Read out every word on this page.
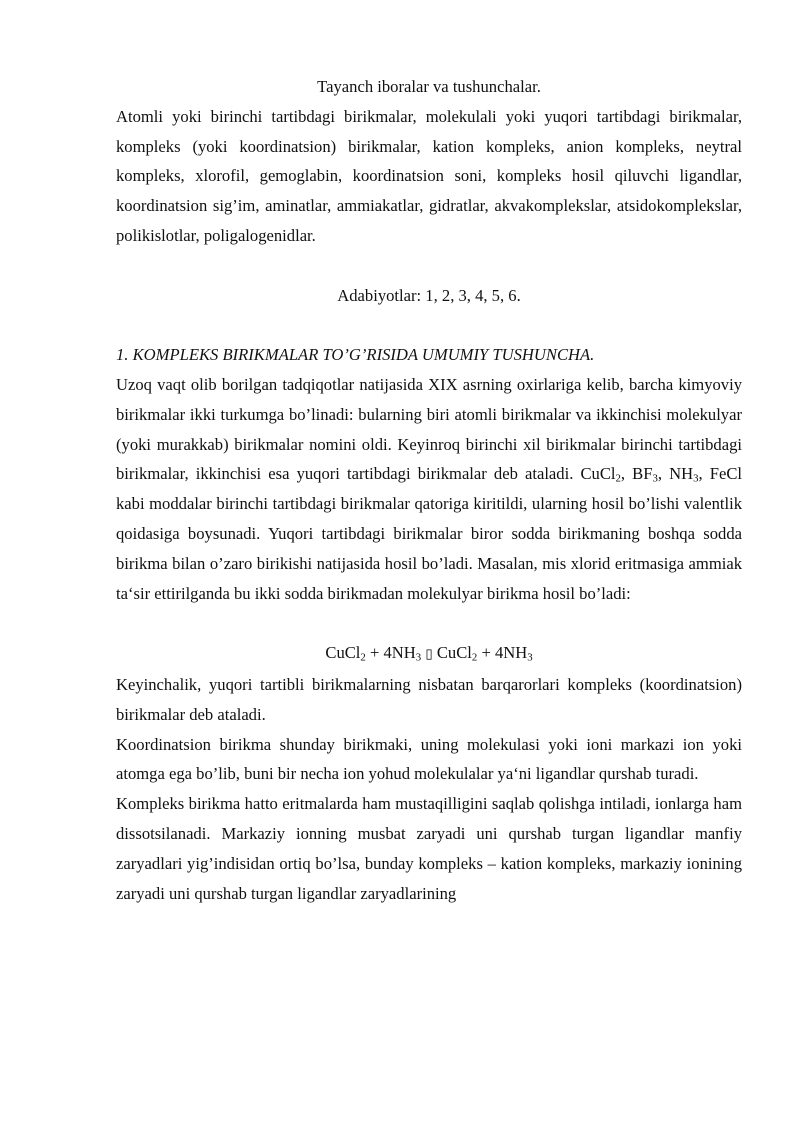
Tayanch iboralar va tushunchalar.

Atomli yoki birinchi tartibdagi birikmalar, molekulali yoki yuqori tartibdagi birikmalar, kompleks (yoki koordinatsion) birikmalar, kation kompleks, anion kompleks, neytral kompleks, xlorofil, gemoglabin, koordinatsion soni, kompleks hosil qiluvchi ligandlar, koordinatsion sig’im, aminatlar, ammiakatlar, gidratlar, akvakomplekslar, atsidokomplekslar, polikislotlar, poligalogenidlar.

Adabiyotlar: 1, 2, 3, 4, 5, 6.

1. KOMPLEKS BIRIKMALAR TO’G’RISIDA UMUMIY TUSHUNCHA.

Uzoq vaqt olib borilgan tadqiqotlar natijasida XIX asrning oxirlariga kelib, barcha kimyoviy birikmalar ikki turkumga bo’linadi: bularning biri atomli birikmalar va ikkinchisi molekulyar (yoki murakkab) birikmalar nomini oldi. Keyinroq birinchi xil birikmalar birinchi tartibdagi birikmalar, ikkinchisi esa yuqori tartibdagi birikmalar deb ataladi. CuCl$_2$, $BF_3$, $NH_3$, FeCl kabi moddalar birinchi tartibdagi birikmalar qatoriga kiritildi, ularning hosil bo’lishi valentlik qoidasiga boysunadi. Yuqori tartibdagi birikmalar biror sodda birikmaning boshqa sodda birikma bilan o’zaro birikishi natijasida hosil bo’ladi. Masalan, mis xlorid eritmasiga ammiak ta‘sir ettirilganda bu ikki sodda birikmadan molekulyar birikma hosil bo’ladi:

CuCl$_2$ + $4NH_3$ ▯ CuCl$_2$ + $4NH_3$

Keyinchalik, yuqori tartibli birikmalarning nisbatan barqarorlari kompleks (koordinatsion) birikmalar deb ataladi.

Koordinatsion birikma shunday birikmaki, uning molekulasi yoki ioni markazi ion yoki atomga ega bo’lib, buni bir necha ion yohud molekulalar ya‘ni ligandlar qurshab turadi.

Kompleks birikma hatto eritmalarda ham mustaqilligini saqlab qolishga intiladi, ionlarga ham dissotsilanadi. Markaziy ionning musbat zaryadi uni qurshab turgan ligandlar manfiy zaryadlari yig’indisidan ortiq bo’lsa, bunday kompleks – kation kompleks, markaziy ionining zaryadi uni qurshab turgan ligandlar zaryadlarining
